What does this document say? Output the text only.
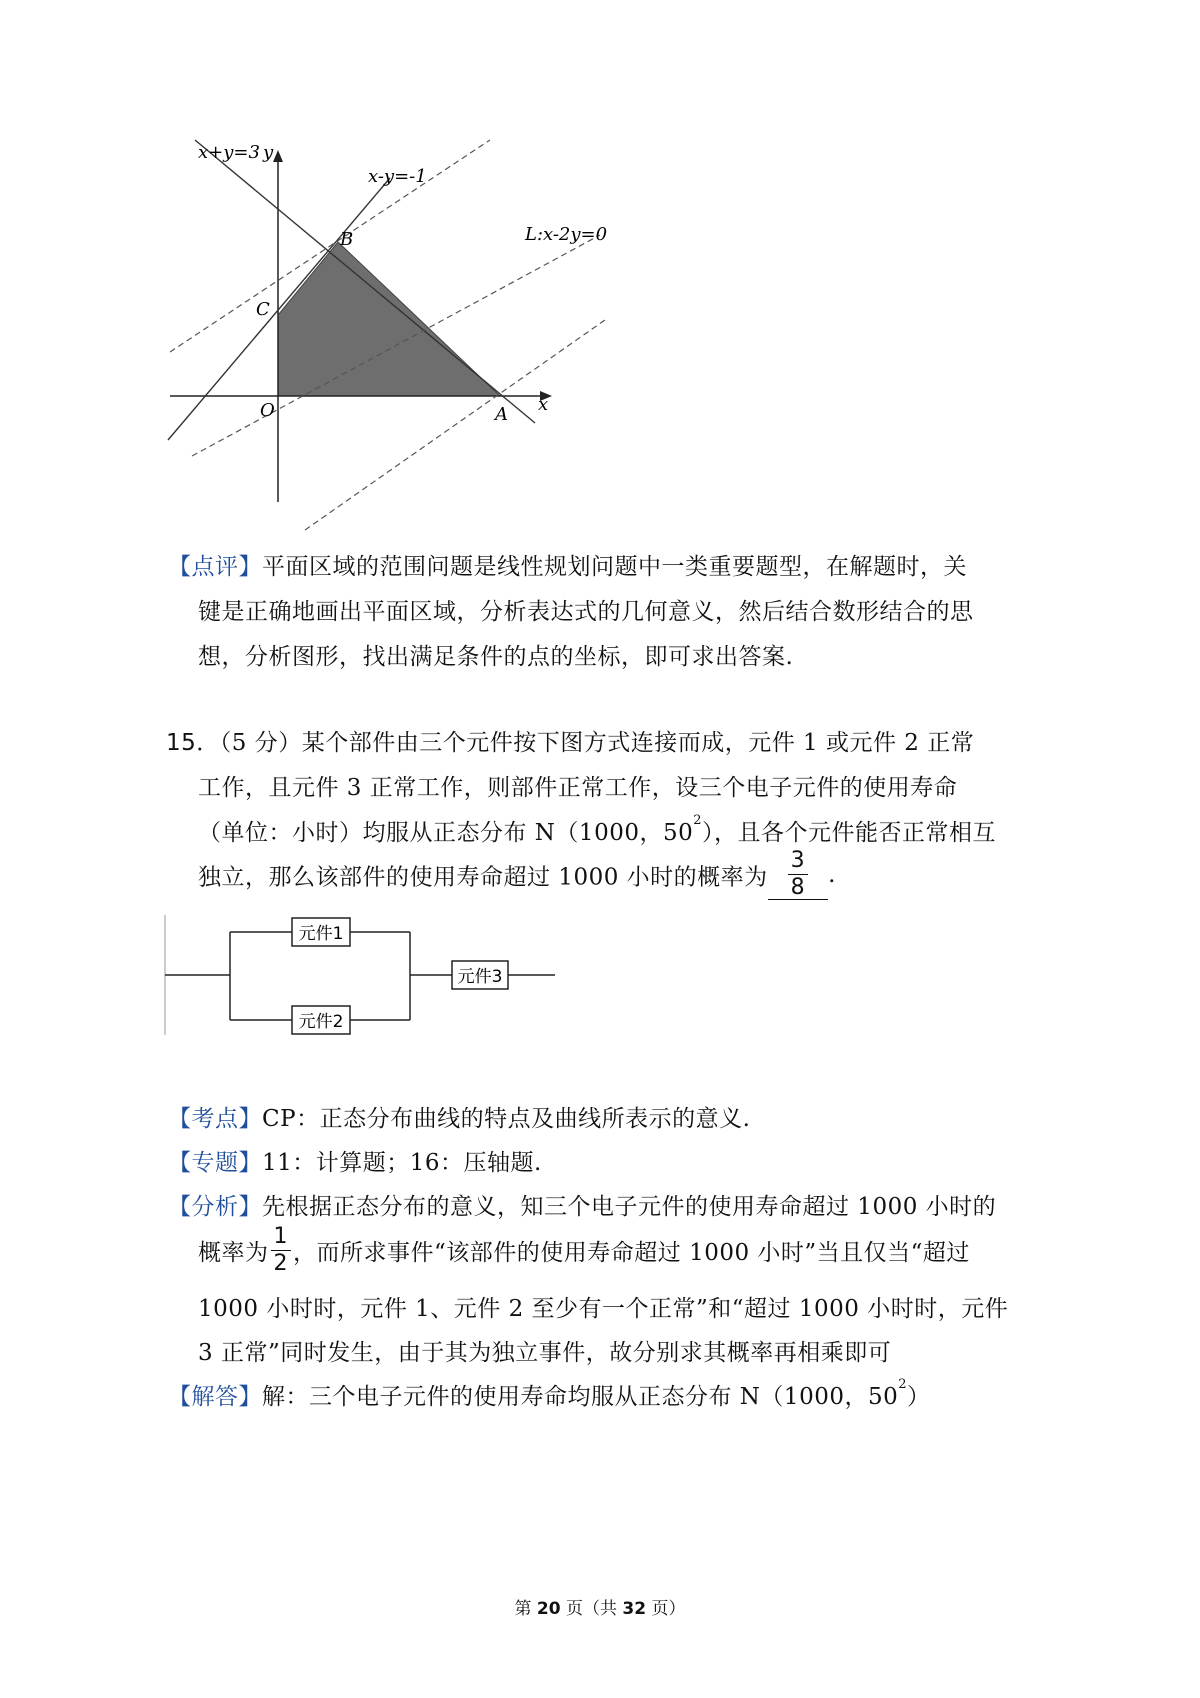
x+y=3 y
x-y=-1
L:x-2y=0
B
C
O	A x
【点评】平面区域的范围问题是线性规划问题中一类重要题型，在解题时，关
键是正确地画出平面区域，分析表达式的几何意义，然后结合数形结合的思
想，分析图形，找出满足条件的点的坐标，即可求出答案.
15．（5 分）某个部件由三个元件按下图方式连接而成，元件 1 或元件 2 正常
工作，且元件 3 正常工作，则部件正常工作，设三个电子元件的使用寿命
（单位：小时）均服从正态分布 N（1000，$50^2$），且各个元件能否正常相互
独立，那么该部件的使用寿命超过 1000 小时的概率为 $\frac{3}{8}$ .
元件1
元件2
元件3
【考点】CP：正态分布曲线的特点及曲线所表示的意义.
【专题】11：计算题；16：压轴题.
【分析】先根据正态分布的意义，知三个电子元件的使用寿命超过 1000 小时的
概率为 $\frac{1}{2}$ ，而所求事件“该部件的使用寿命超过 1000 小时”当且仅当“超过
1000 小时时，元件 1、元件 2 至少有一个正常”和“超过 1000 小时时，元件
3 正常”同时发生，由于其为独立事件，故分别求其概率再相乘即可
【解答】解：三个电子元件的使用寿命均服从正态分布 N（1000，$50^2$）
第 20 页（共 32 页）
